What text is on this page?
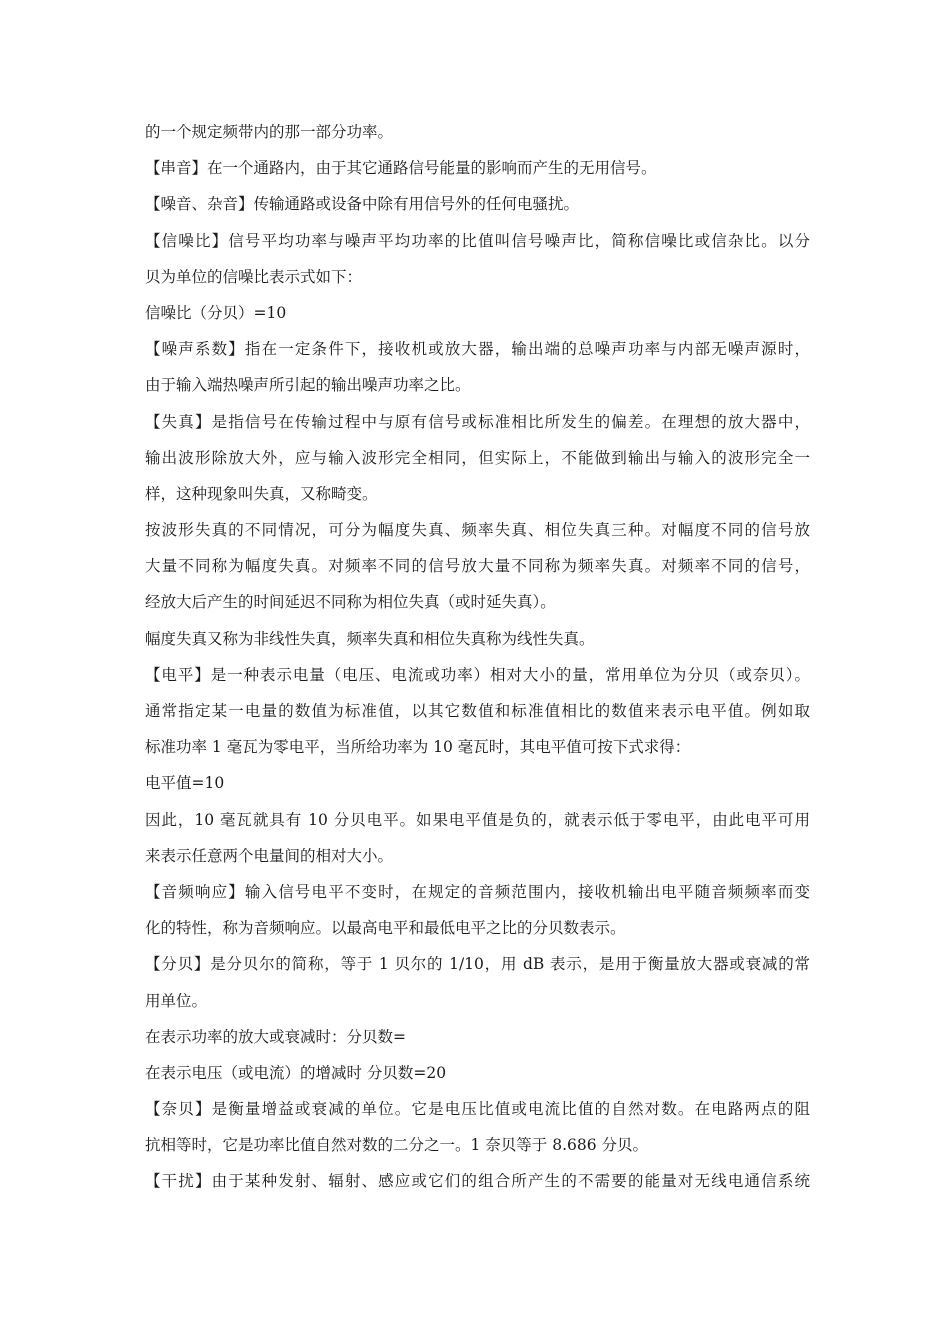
的一个规定频带内的那一部分功率。
【串音】在一个通路内，由于其它通路信号能量的影响而产生的无用信号。
【噪音、杂音】传输通路或设备中除有用信号外的任何电骚扰。
【信噪比】信号平均功率与噪声平均功率的比值叫信号噪声比，简称信噪比或信杂比。以分
贝为单位的信噪比表示式如下：
信噪比（分贝）=10
【噪声系数】指在一定条件下，接收机或放大器，输出端的总噪声功率与内部无噪声源时，
由于输入端热噪声所引起的输出噪声功率之比。
【失真】是指信号在传输过程中与原有信号或标准相比所发生的偏差。在理想的放大器中，
输出波形除放大外，应与输入波形完全相同，但实际上，不能做到输出与输入的波形完全一
样，这种现象叫失真，又称畸变。
按波形失真的不同情况，可分为幅度失真、频率失真、相位失真三种。对幅度不同的信号放
大量不同称为幅度失真。对频率不同的信号放大量不同称为频率失真。对频率不同的信号，
经放大后产生的时间延迟不同称为相位失真（或时延失真）。
幅度失真又称为非线性失真，频率失真和相位失真称为线性失真。
【电平】是一种表示电量（电压、电流或功率）相对大小的量，常用单位为分贝（或奈贝）。
通常指定某一电量的数值为标准值，以其它数值和标准值相比的数值来表示电平值。例如取
标准功率 1 毫瓦为零电平，当所给功率为 10 毫瓦时，其电平值可按下式求得：
电平值=10
因此，10 毫瓦就具有 10 分贝电平。如果电平值是负的，就表示低于零电平，由此电平可用
来表示任意两个电量间的相对大小。
【音频响应】输入信号电平不变时，在规定的音频范围内，接收机输出电平随音频频率而变
化的特性，称为音频响应。以最高电平和最低电平之比的分贝数表示。
【分贝】是分贝尔的简称，等于 1 贝尔的 1/10，用 dB 表示，是用于衡量放大器或衰减的常
用单位。
在表示功率的放大或衰减时：分贝数=
在表示电压（或电流）的增减时 分贝数=20
【奈贝】是衡量增益或衰减的单位。它是电压比值或电流比值的自然对数。在电路两点的阻
抗相等时，它是功率比值自然对数的二分之一。1 奈贝等于 8.686 分贝。
【干扰】由于某种发射、辐射、感应或它们的组合所产生的不需要的能量对无线电通信系统
